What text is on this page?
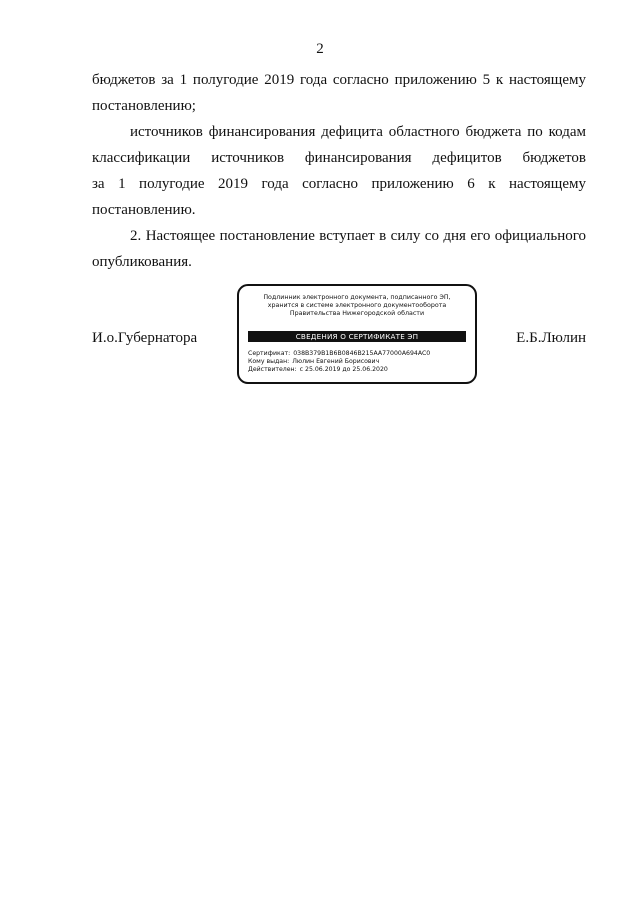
2
бюджетов за 1 полугодие 2019 года согласно приложению 5 к настоящему
постановлению;
источников финансирования дефицита областного бюджета по кодам
классификации источников финансирования дефицитов бюджетов
за 1 полугодие 2019 года согласно приложению 6 к настоящему
постановлению.
2. Настоящее постановление вступает в силу со дня его официального
опубликования.
И.о.Губернатора
Подлинник электронного документа, подписанного ЭП,
хранится в системе электронного документооборота
Правительства Нижегородской области
СВЕДЕНИЯ О СЕРТИФИКАТЕ ЭП
Сертификат: 038B379B1B6B0846B215AA77000A694AC0
Кому выдан: Люлин Евгений Борисович
Действителен: с 25.06.2019 до 25.06.2020
Е.Б.Люлин
